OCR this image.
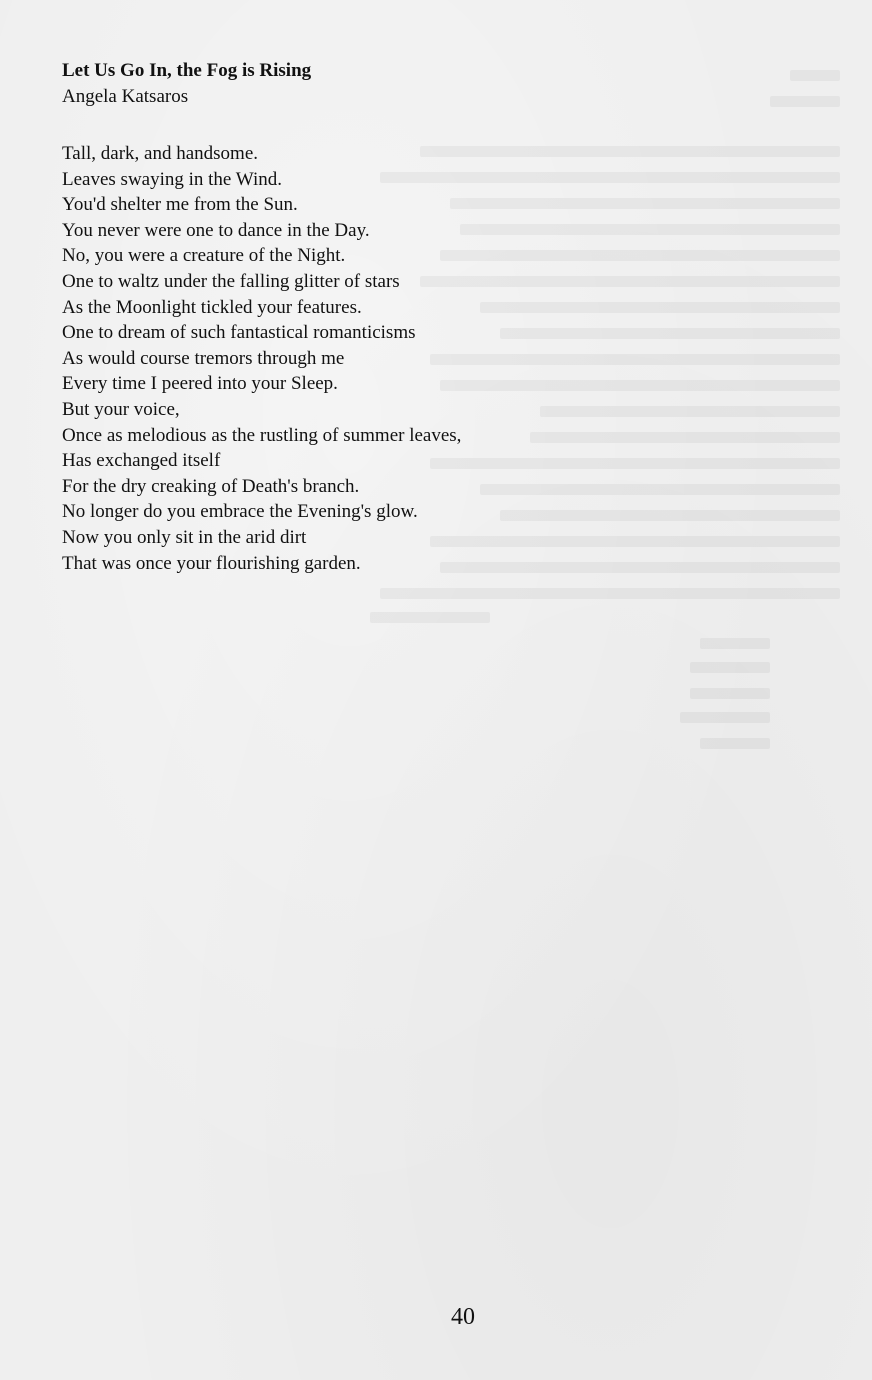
Let Us Go In, the Fog is Rising

Angela Katsaros

Tall, dark, and handsome.
Leaves swaying in the Wind.
You'd shelter me from the Sun.
You never were one to dance in the Day.
No, you were a creature of the Night.
One to waltz under the falling glitter of stars
As the Moonlight tickled your features.
One to dream of such fantastical romanticisms
As would course tremors through me
Every time I peered into your Sleep.
But your voice,
Once as melodious as the rustling of summer leaves,
Has exchanged itself
For the dry creaking of Death's branch.
No longer do you embrace the Evening's glow.
Now you only sit in the arid dirt
That was once your flourishing garden.
40
